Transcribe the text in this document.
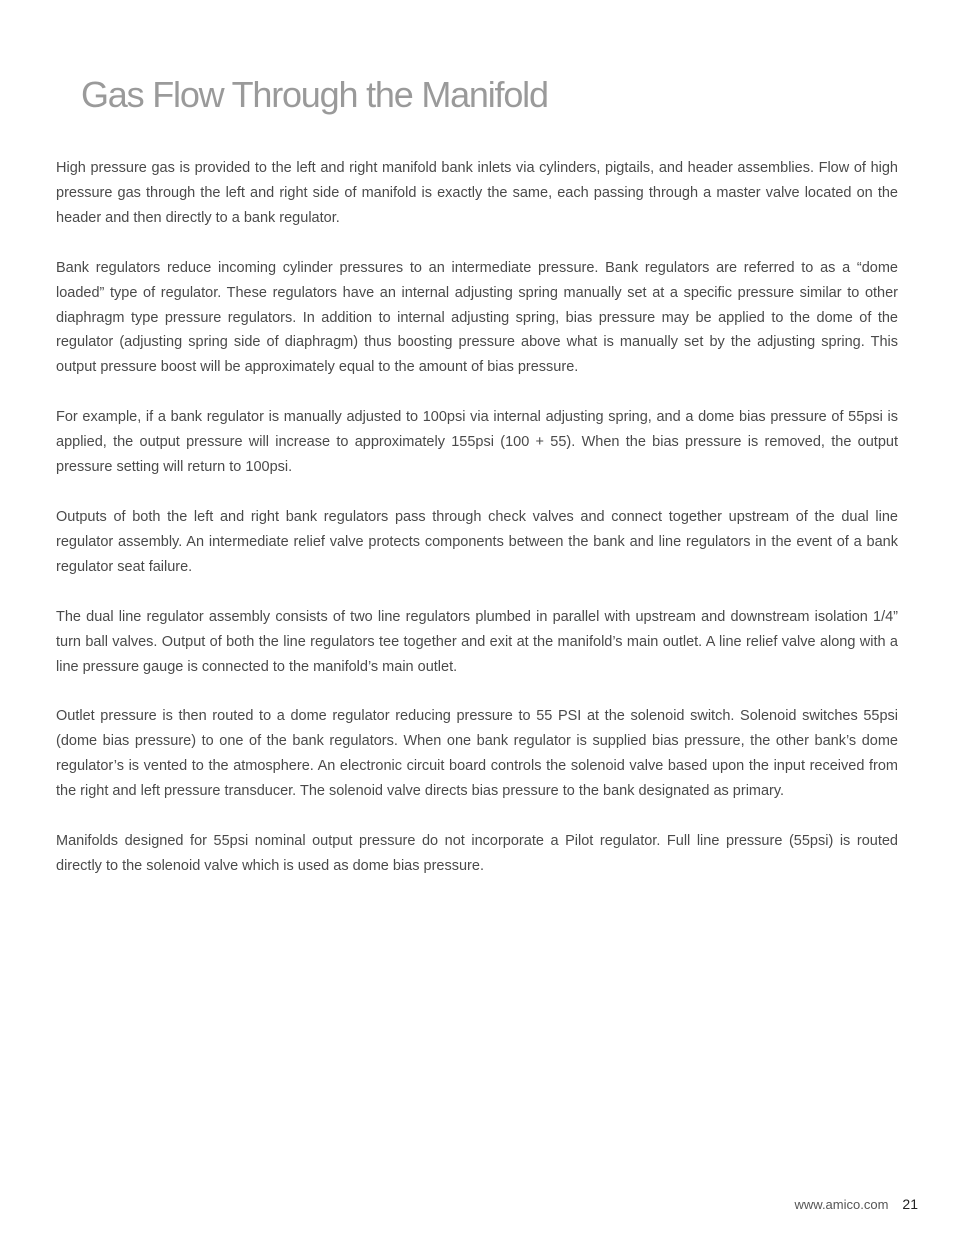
Gas Flow Through the Manifold

High pressure gas is provided to the left and right manifold bank inlets via cylinders, pigtails, and header assemblies. Flow of high pressure gas through the left and right side of manifold is exactly the same, each passing through a master valve located on the header and then directly to a bank regulator.

Bank regulators reduce incoming cylinder pressures to an intermediate pressure. Bank regulators are referred to as a “dome loaded” type of regulator. These regulators have an internal adjusting spring manually set at a specific pressure similar to other diaphragm type pressure regulators. In addition to internal adjusting spring, bias pressure may be applied to the dome of the regulator (adjusting spring side of diaphragm) thus boosting pressure above what is manually set by the adjusting spring. This output pressure boost will be approximately equal to the amount of bias pressure.

For example, if a bank regulator is manually adjusted to 100psi via internal adjusting spring, and a dome bias pressure of 55psi is applied, the output pressure will increase to approximately 155psi (100 + 55). When the bias pressure is removed, the output pressure setting will return to 100psi.

Outputs of both the left and right bank regulators pass through check valves and connect together upstream of the dual line regulator assembly. An intermediate relief valve protects components between the bank and line regulators in the event of a bank regulator seat failure.

The dual line regulator assembly consists of two line regulators plumbed in parallel with upstream and downstream isolation 1/4” turn ball valves. Output of both the line regulators tee together and exit at the manifold’s main outlet. A line relief valve along with a line pressure gauge is connected to the manifold’s main outlet.

Outlet pressure is then routed to a dome regulator reducing pressure to 55 PSI at the solenoid switch. Solenoid switches 55psi (dome bias pressure) to one of the bank regulators. When one bank regulator is supplied bias pressure, the other bank’s dome regulator’s is vented to the atmosphere. An electronic circuit board controls the solenoid valve based upon the input received from the right and left pressure transducer. The solenoid valve directs bias pressure to the bank designated as primary.

Manifolds designed for 55psi nominal output pressure do not incorporate a Pilot regulator. Full line pressure (55psi) is routed directly to the solenoid valve which is used as dome bias pressure.

www.amico.com 21
